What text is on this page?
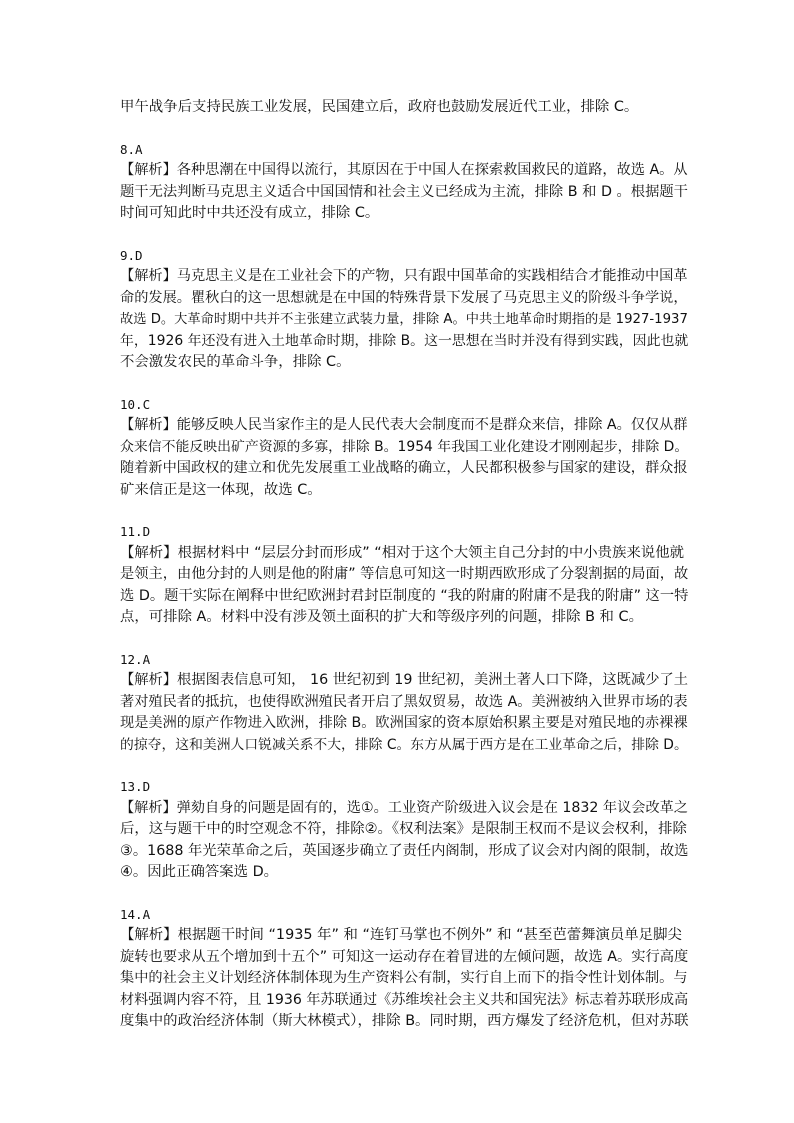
甲午战争后支持民族工业发展，民国建立后，政府也鼓励发展近代工业，排除 C。
8.A
【解析】各种思潮在中国得以流行，其原因在于中国人在探索救国救民的道路，故选 A。从
题干无法判断马克思主义适合中国国情和社会主义已经成为主流，排除 B 和 D 。根据题干
时间可知此时中共还没有成立，排除 C。
9.D
【解析】马克思主义是在工业社会下的产物，只有跟中国革命的实践相结合才能推动中国革
命的发展。瞿秋白的这一思想就是在中国的特殊背景下发展了马克思主义的阶级斗争学说，
故选 D。大革命时期中共并不主张建立武装力量，排除 A。中共土地革命时期指的是 1927-1937
年，1926 年还没有进入土地革命时期，排除 B。这一思想在当时并没有得到实践，因此也就
不会激发农民的革命斗争，排除 C。
10.C
【解析】能够反映人民当家作主的是人民代表大会制度而不是群众来信，排除 A。仅仅从群
众来信不能反映出矿产资源的多寡，排除 B。1954 年我国工业化建设才刚刚起步，排除 D。
随着新中国政权的建立和优先发展重工业战略的确立，人民都积极参与国家的建设，群众报
矿来信正是这一体现，故选 C。
11.D
【解析】根据材料中 “层层分封而形成” “相对于这个大领主自己分封的中小贵族来说他就
是领主，由他分封的人则是他的附庸” 等信息可知这一时期西欧形成了分裂割据的局面，故
选 D。题干实际在阐释中世纪欧洲封君封臣制度的 “我的附庸的附庸不是我的附庸” 这一特
点，可排除 A。材料中没有涉及领土面积的扩大和等级序列的问题，排除 B 和 C。
12.A
【解析】根据图表信息可知， 16 世纪初到 19 世纪初，美洲土著人口下降，这既减少了土
著对殖民者的抵抗，也使得欧洲殖民者开启了黑奴贸易，故选 A。美洲被纳入世界市场的表
现是美洲的原产作物进入欧洲，排除 B。欧洲国家的资本原始积累主要是对殖民地的赤裸裸
的掠夺，这和美洲人口锐减关系不大，排除 C。东方从属于西方是在工业革命之后，排除 D。
13.D
【解析】弹劾自身的问题是固有的，选①。工业资产阶级进入议会是在 1832 年议会改革之
后，这与题干中的时空观念不符，排除②。《权利法案》是限制王权而不是议会权利，排除
③。1688 年光荣革命之后，英国逐步确立了责任内阁制，形成了议会对内阁的限制，故选
④。因此正确答案选 D。
14.A
【解析】根据题干时间 “1935 年” 和 “连钉马掌也不例外” 和 “甚至芭蕾舞演员单足脚尖
旋转也要求从五个增加到十五个” 可知这一运动存在着冒进的左倾问题，故选 A。实行高度
集中的社会主义计划经济体制体现为生产资料公有制，实行自上而下的指令性计划体制。与
材料强调内容不符，且 1936 年苏联通过《苏维埃社会主义共和国宪法》标志着苏联形成高
度集中的政治经济体制（斯大林模式），排除 B。同时期，西方爆发了经济危机，但对苏联
